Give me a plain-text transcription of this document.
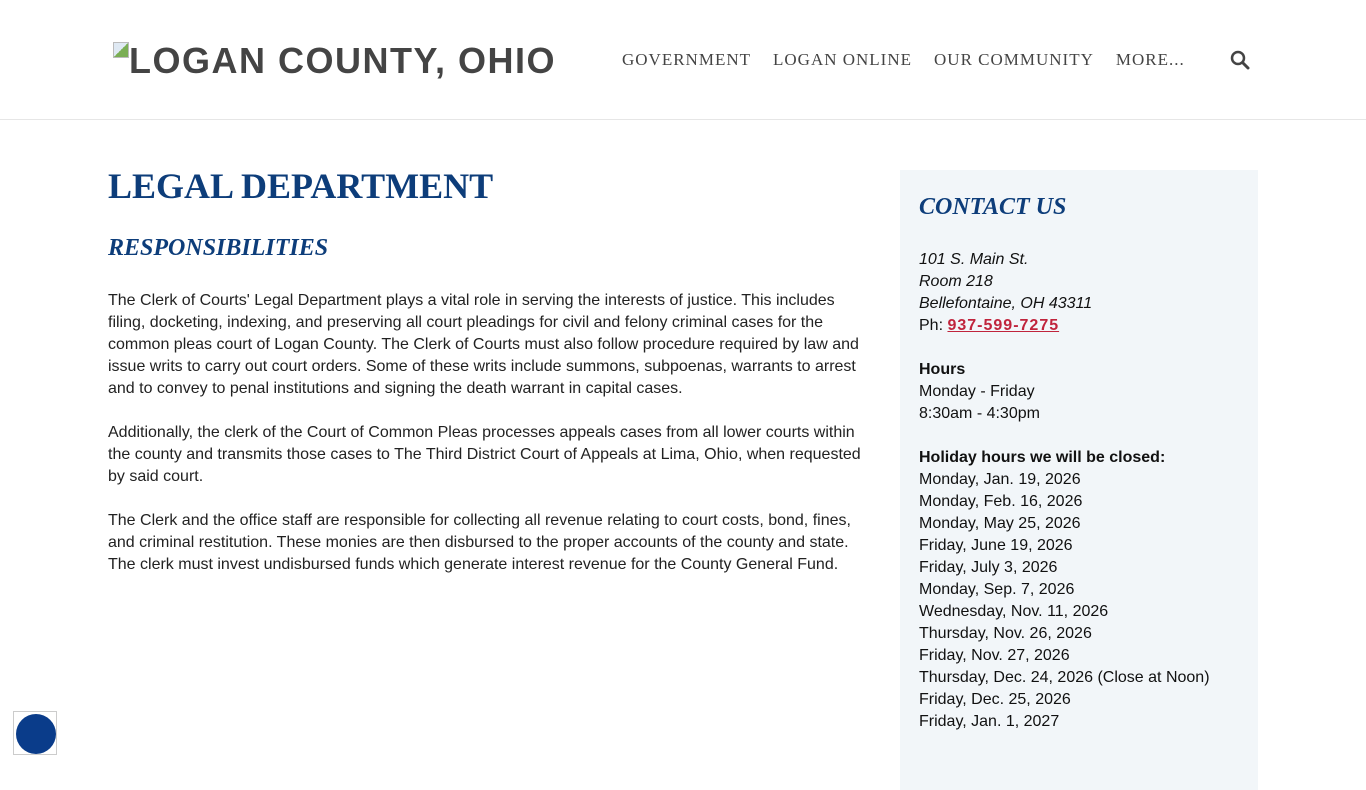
LOGAN COUNTY, OHIO	GOVERNMENT LOGAN ONLINE OUR COMMUNITY MORE...
LEGAL DEPARTMENT
RESPONSIBILITIES

The Clerk of Courts' Legal Department plays a vital role in serving the interests of justice. This includes filing, docketing, indexing, and preserving all court pleadings for civil and felony criminal cases for the common pleas court of Logan County. The Clerk of Courts must also follow procedure required by law and issue writs to carry out court orders. Some of these writs include summons, subpoenas, warrants to arrest and to convey to penal institutions and signing the death warrant in capital cases.

Additionally, the clerk of the Court of Common Pleas processes appeals cases from all lower courts within the county and transmits those cases to The Third District Court of Appeals at Lima, Ohio, when requested by said court.

The Clerk and the office staff are responsible for collecting all revenue relating to court costs, bond, fines, and criminal restitution. These monies are then disbursed to the proper accounts of the county and state. The clerk must invest undisbursed funds which generate interest revenue for the County General Fund.

CONTACT US
101 S. Main St.
Room 218
Bellefontaine, OH 43311
Ph: 937-599-7275
Hours
Monday - Friday
8:30am - 4:30pm
Holiday hours we will be closed:
Monday, Jan. 19, 2026
Monday, Feb. 16, 2026
Monday, May 25, 2026
Friday, June 19, 2026
Friday, July 3, 2026
Monday, Sep. 7, 2026
Wednesday, Nov. 11, 2026
Thursday, Nov. 26, 2026
Friday, Nov. 27, 2026
Thursday, Dec. 24, 2026 (Close at Noon)
Friday, Dec. 25, 2026
Friday, Jan. 1, 2027
